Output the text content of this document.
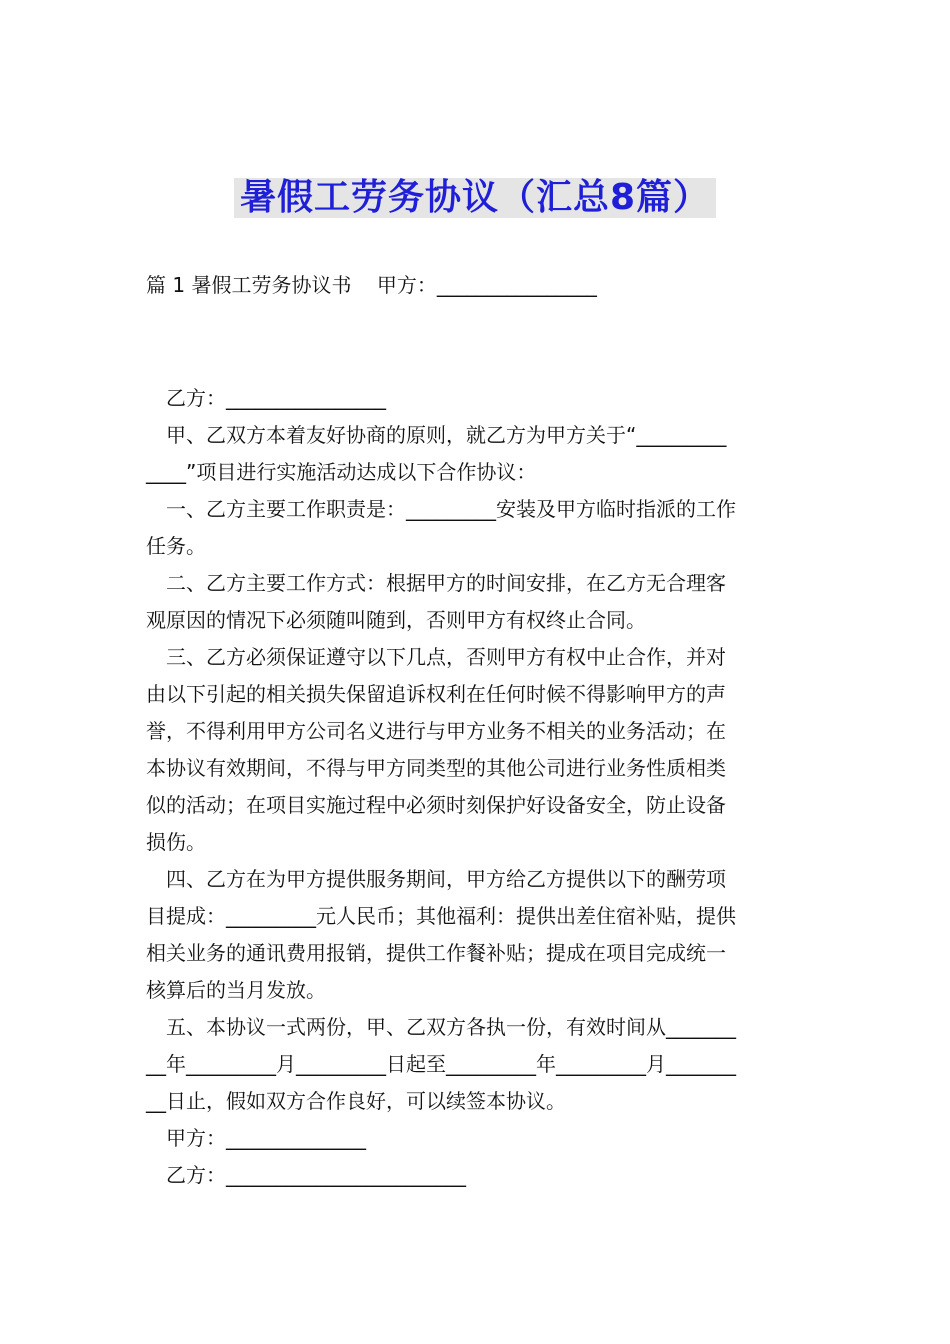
暑假工劳务协议（汇总8篇）
篇 1 暑假工劳务协议书    甲方：________________
乙方：________________
甲、乙双方本着友好协商的原则，就乙方为甲方关于“_________
____”项目进行实施活动达成以下合作协议：
一、乙方主要工作职责是：_________安装及甲方临时指派的工作
任务。
二、乙方主要工作方式：根据甲方的时间安排，在乙方无合理客
观原因的情况下必须随叫随到，否则甲方有权终止合同。
三、乙方必须保证遵守以下几点，否则甲方有权中止合作，并对
由以下引起的相关损失保留追诉权利在任何时候不得影响甲方的声
誉，不得利用甲方公司名义进行与甲方业务不相关的业务活动；在
本协议有效期间，不得与甲方同类型的其他公司进行业务性质相类
似的活动；在项目实施过程中必须时刻保护好设备安全，防止设备
损伤。
四、乙方在为甲方提供服务期间，甲方给乙方提供以下的酬劳项
目提成：_________元人民币；其他福利：提供出差住宿补贴，提供
相关业务的通讯费用报销，提供工作餐补贴；提成在项目完成统一
核算后的当月发放。
五、本协议一式两份，甲、乙双方各执一份，有效时间从_______
__年_________月_________日起至_________年_________月_______
__日止，假如双方合作良好，可以续签本协议。
甲方：______________
乙方：________________________
